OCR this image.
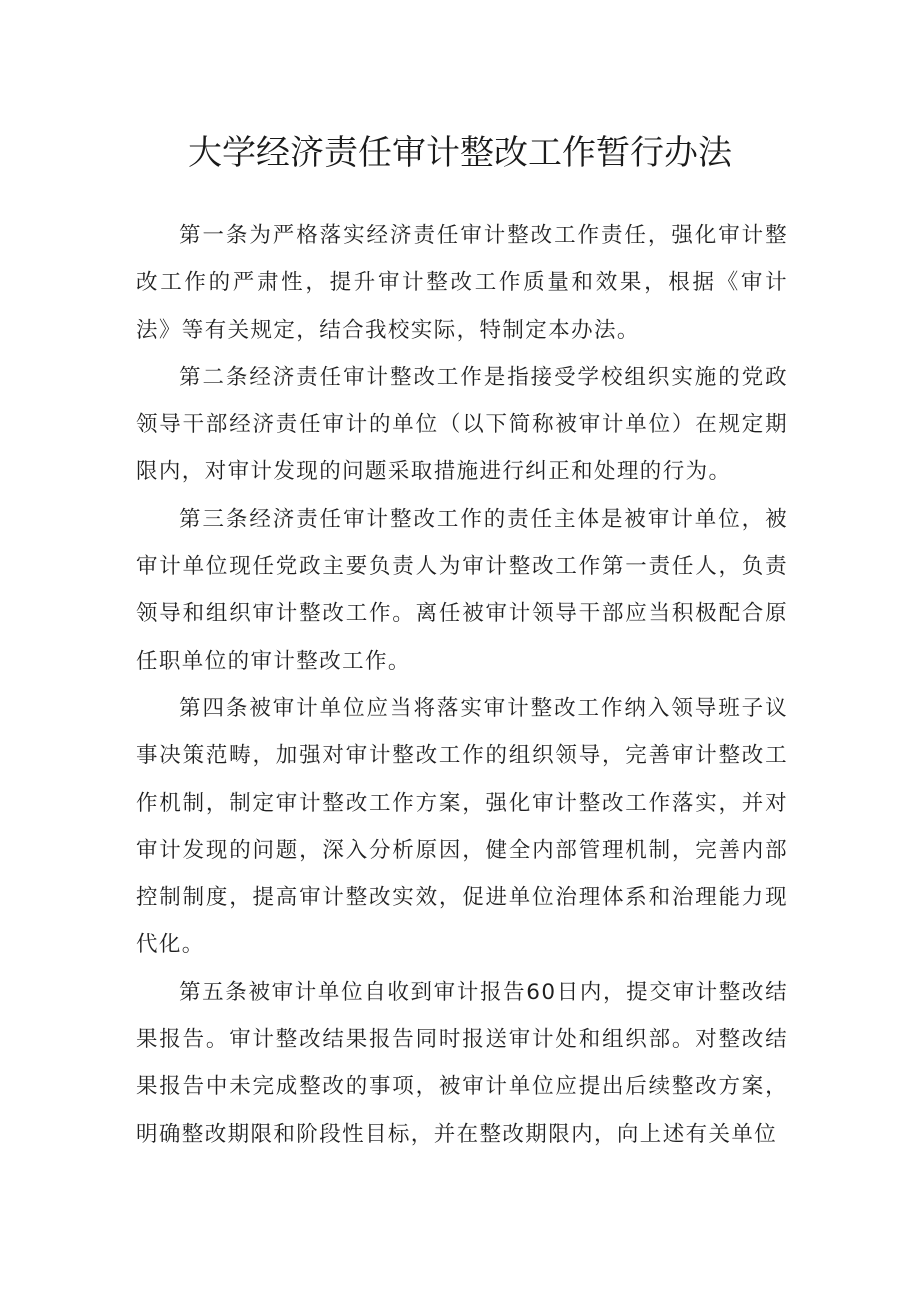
大学经济责任审计整改工作暂行办法

第一条为严格落实经济责任审计整改工作责任，强化审计整改工作的严肃性，提升审计整改工作质量和效果，根据《审计法》等有关规定，结合我校实际，特制定本办法。

第二条经济责任审计整改工作是指接受学校组织实施的党政领导干部经济责任审计的单位（以下简称被审计单位）在规定期限内，对审计发现的问题采取措施进行纠正和处理的行为。

第三条经济责任审计整改工作的责任主体是被审计单位，被审计单位现任党政主要负责人为审计整改工作第一责任人，负责领导和组织审计整改工作。离任被审计领导干部应当积极配合原任职单位的审计整改工作。

第四条被审计单位应当将落实审计整改工作纳入领导班子议事决策范畴，加强对审计整改工作的组织领导，完善审计整改工作机制，制定审计整改工作方案，强化审计整改工作落实，并对审计发现的问题，深入分析原因，健全内部管理机制，完善内部控制制度，提高审计整改实效，促进单位治理体系和治理能力现代化。

第五条被审计单位自收到审计报告60日内，提交审计整改结果报告。审计整改结果报告同时报送审计处和组织部。对整改结果报告中未完成整改的事项，被审计单位应提出后续整改方案，明确整改期限和阶段性目标，并在整改期限内，向上述有关单位
